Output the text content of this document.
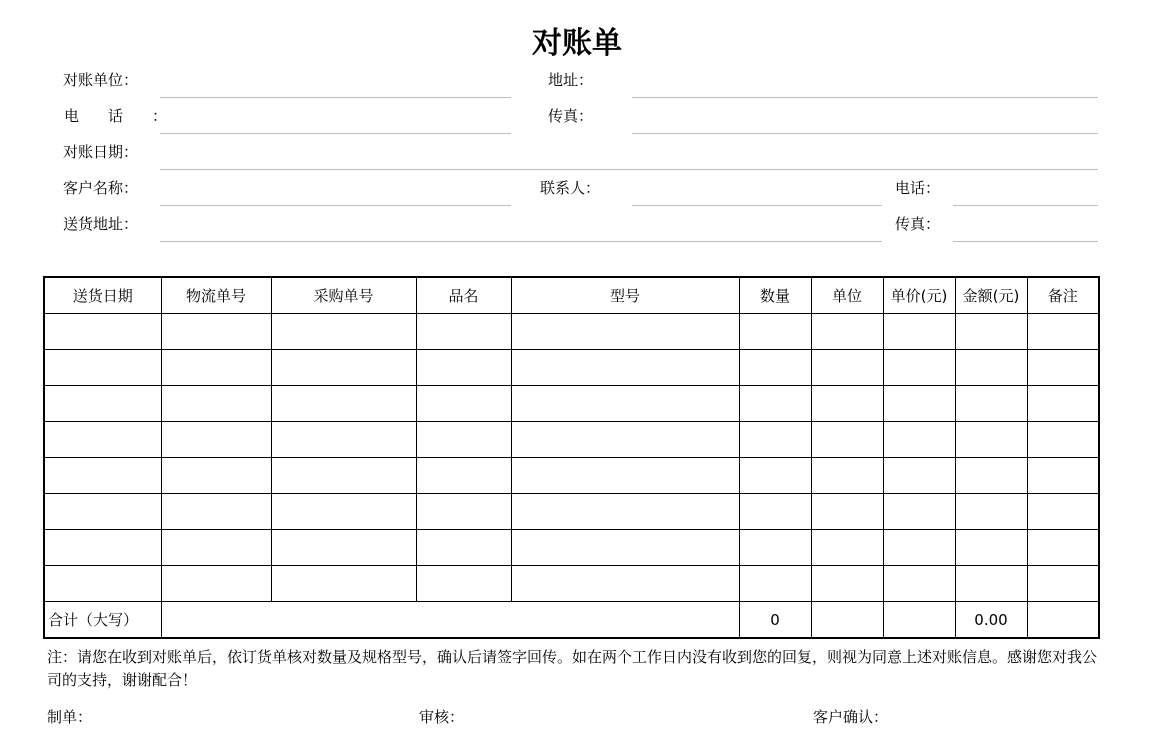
对账单
对账单位：	地址：
电话：	传真：
对账日期：
客户名称：	联系人：	电话：
送货地址：	传真：
送货日期	物流单号	采购单号	品名	型号	数量	单位	单价(元)	金额(元)	备注

合计（大写）					0			0.00	
注：请您在收到对账单后，依订货单核对数量及规格型号，确认后请签字回传。如在两个工作日内没有收到您的回复，则视为同意上述对账信息。感谢您对我公司的支持，谢谢配合！
制单：	审核：	客户确认：
